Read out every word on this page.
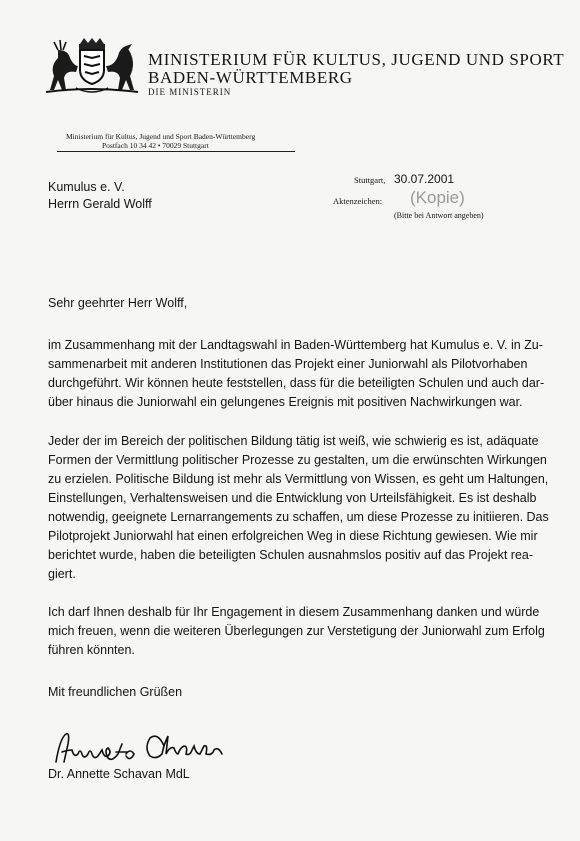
MINISTERIUM FÜR KULTUS, JUGEND UND SPORT
BADEN-WÜRTTEMBERG
DIE MINISTERIN
Ministerium für Kultus, Jugend und Sport Baden-Württemberg
Postfach 10 34 42 • 70029 Stuttgart
Kumulus e. V.
Herrn Gerald Wolff
Stuttgart, 30.07.2001
Aktenzeichen: (Kopie)
(Bitte bei Antwort angeben)
Sehr geehrter Herr Wolff,
im Zusammenhang mit der Landtagswahl in Baden-Württemberg hat Kumulus e. V. in Zu-
sammenarbeit mit anderen Institutionen das Projekt einer Juniorwahl als Pilotvorhaben
durchgeführt. Wir können heute feststellen, dass für die beteiligten Schulen und auch dar-
über hinaus die Juniorwahl ein gelungenes Ereignis mit positiven Nachwirkungen war.
Jeder der im Bereich der politischen Bildung tätig ist weiß, wie schwierig es ist, adäquate
Formen der Vermittlung politischer Prozesse zu gestalten, um die erwünschten Wirkungen
zu erzielen. Politische Bildung ist mehr als Vermittlung von Wissen, es geht um Haltungen,
Einstellungen, Verhaltensweisen und die Entwicklung von Urteilsfähigkeit. Es ist deshalb
notwendig, geeignete Lernarrangements zu schaffen, um diese Prozesse zu initiieren. Das
Pilotprojekt Juniorwahl hat einen erfolgreichen Weg in diese Richtung gewiesen. Wie mir
berichtet wurde, haben die beteiligten Schulen ausnahmslos positiv auf das Projekt rea-
giert.
Ich darf Ihnen deshalb für Ihr Engagement in diesem Zusammenhang danken und würde
mich freuen, wenn die weiteren Überlegungen zur Verstetigung der Juniorwahl zum Erfolg
führen könnten.
Mit freundlichen Grüßen
Dr. Annette Schavan MdL
